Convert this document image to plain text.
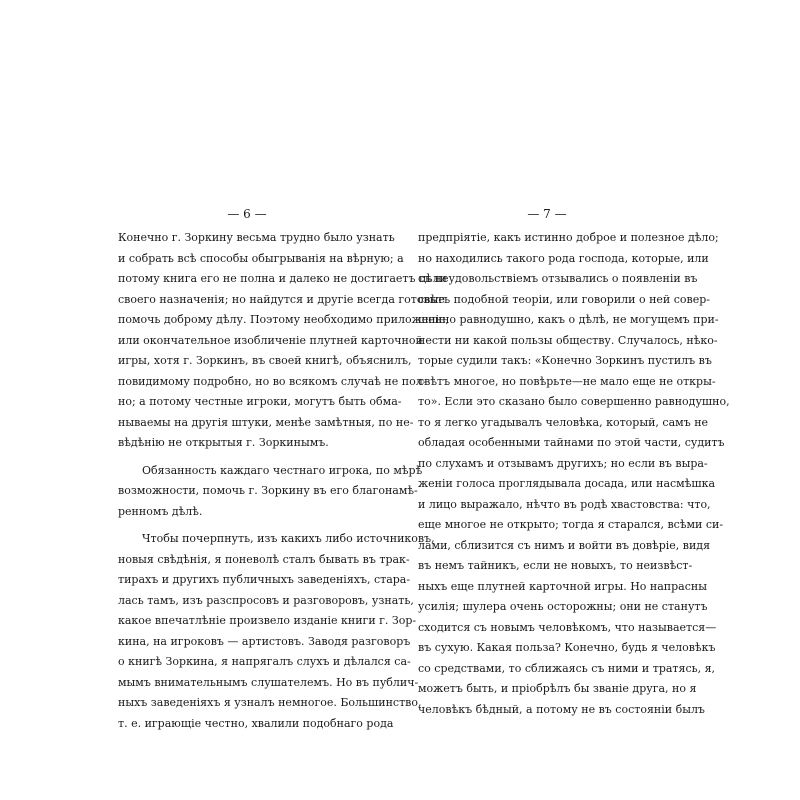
— 6 —
Конечно г. Зоркину весьма трудно было узнать
и собрать всѣ способы обыгрыванія на вѣрную; а
потому книга его не полна и далеко не достигаетъ цѣли
своего назначенія; но найдутся и другіе всегда готовые
помочь доброму дѣлу. Поэтому необходимо приложеніе,
или окончательное изобличеніе плутней карточной
игры, хотя г. Зоркинъ, въ своей книгѣ, объяснилъ,
повидимому подробно, но во всякомъ случаѣ не пол-
но; а потому честные игроки, могутъ быть обма-
нываемы на другія штуки, менѣе замѣтныя, по не-
вѣдѣнію не открытыя г. Зоркинымъ.
Обязанность каждаго честнаго игрока, по мѣрѣ
возможности, помочь г. Зоркину въ его благонамѣ-
ренномъ дѣлѣ.
Чтобы почерпнуть, изъ какихъ либо источниковъ,
новыя свѣдѣнія, я поневолѣ сталъ бывать въ трак-
тирахъ и другихъ публичныхъ заведеніяхъ, стара-
лась тамъ, изъ разспросовъ и разговоровъ, узнать,
какое впечатлѣніе произвело изданіе книги г. Зор-
кина, на игроковъ — артистовъ. Заводя разговоръ
о книгѣ Зоркина, я напрягалъ слухъ и дѣлался са-
мымъ внимательнымъ слушателемъ. Но въ публич-
ныхъ заведеніяхъ я узналъ немногое. Большинство,
т. е. играющіе честно, хвалили подобнаго рода
— 7 —
предпріятіе, какъ истинно доброе и полезное дѣло;
но находились такого рода господа, которые, или
съ неудовольствіемъ отзывались о появленіи въ
свѣтъ подобной теоріи, или говорили о ней совер-
шенно равнодушно, какъ о дѣлѣ, не могущемъ при-
нести ни какой пользы обществу. Случалось, нѣко-
торые судили такъ: «Конечно Зоркинъ пустилъ въ
свѣтъ многое, но повѣрьте—не мало еще не откры-
то». Если это сказано было совершенно равнодушно,
то я легко угадывалъ человѣка, который, самъ не
обладая особенными тайнами по этой части, судитъ
по слухамъ и отзывамъ другихъ; но если въ выра-
женіи голоса проглядывала досада, или насмѣшка
и лицо выражало, нѣчто въ родѣ хвастовства: что,
еще многое не открыто; тогда я старался, всѣми си-
лами, сблизится съ нимъ и войти въ довѣріе, видя
въ немъ тайникъ, если не новыхъ, то неизвѣст-
ныхъ еще плутней карточной игры. Но напрасны
усилія; шулера очень осторожны; они не станутъ
сходится съ новымъ человѣкомъ, что называется—
въ сухую. Какая польза? Конечно, будь я человѣкъ
со средствами, то сближаясь съ ними и тратясь, я,
можетъ быть, и пріобрѣлъ бы званіе друга, но я
человѣкъ бѣдный, а потому не въ состояніи былъ
